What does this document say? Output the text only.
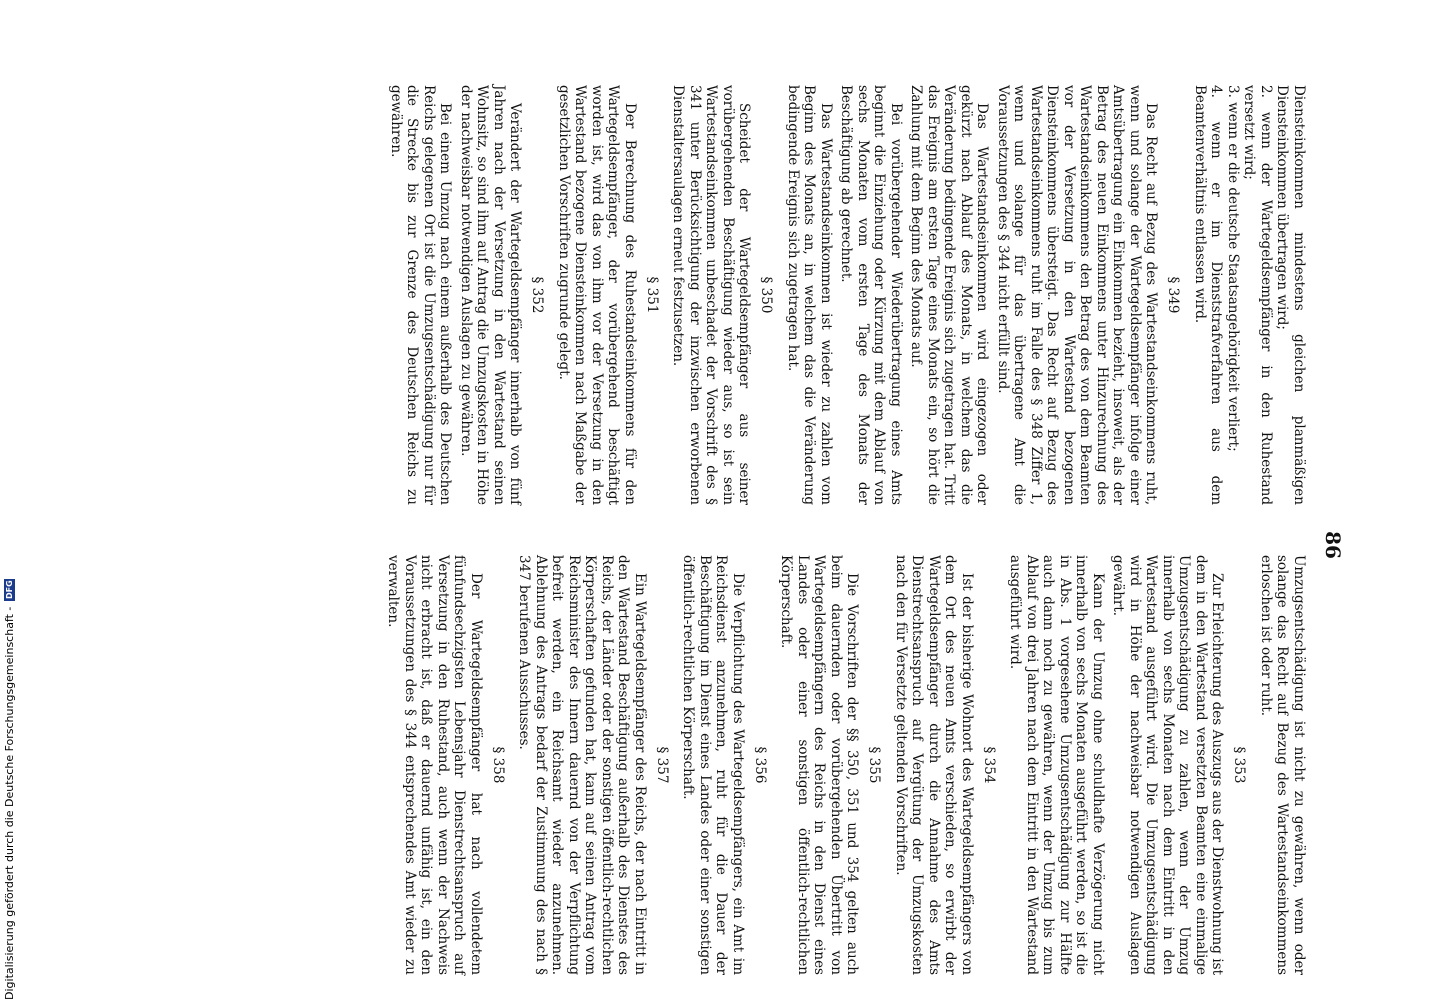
86
Diensteinkommen mindestens gleichen planmäßigen Diensteinkommen übertragen wird;
2. wenn der Wartegeldsempfänger in den Ruhestand versetzt wird;
3. wenn er die deutsche Staatsangehörigkeit verliert;
4. wenn er im Dienststrafverfahren aus dem Beamtenverhältnis entlassen wird.
§ 349

Das Recht auf Bezug des Wartestandseinkommens ruht, wenn und solange der Wartegeldsempfänger infolge einer Amtsübertragung ein Einkommen bezieht, insoweit, als der Betrag des neuen Einkommens unter Hinzurechnung des Wartestandseinkommens den Betrag des von dem Beamten vor der Versetzung in den Wartestand bezogenen Diensteinkommens übersteigt. Das Recht auf Bezug des Wartestandseinkommens ruht im Falle des § 348 Ziffer 1, wenn und solange für das übertragene Amt die Voraussetzungen des § 344 nicht erfüllt sind.

Das Wartestandseinkommen wird eingezogen oder gekürzt nach Ablauf des Monats, in welchem das die Veränderung bedingende Ereignis sich zugetragen hat. Tritt das Ereignis am ersten Tage eines Monats ein, so hört die Zahlung mit dem Beginn des Monats auf.

Bei vorübergehender Wiederübertragung eines Amts beginnt die Einziehung oder Kürzung mit dem Ablauf von sechs Monaten vom ersten Tage des Monats der Beschäftigung ab gerechnet.

Das Wartestandseinkommen ist wieder zu zahlen vom Beginn des Monats an, in welchem das die Veränderung bedingende Ereignis sich zugetragen hat.

§ 350

Scheidet der Wartegeldsempfänger aus seiner vorübergehenden Beschäftigung wieder aus, so ist sein Wartestandseinkommen unbeschadet der Vorschrift des § 341 unter Berücksichtigung der inzwischen erworbenen Dienstaltersaulagen erneut festzusetzen.

§ 351

Der Berechnung des Ruhestandseinkommens für den Wartegeldsempfänger, der vorübergehend beschäftigt worden ist, wird das von ihm vor der Versetzung in den Wartestand bezogene Diensteinkommen nach Maßgabe der gesetzlichen Vorschriften zugrunde gelegt.

§ 352

Verändert der Wartegeldsempfänger innerhalb von fünf Jahren nach der Versetzung in den Wartestand seinen Wohnsitz, so sind ihm auf Antrag die Umzugskosten in Höhe der nachweisbar notwendigen Auslagen zu gewähren.

Bei einem Umzug nach einem außerhalb des Deutschen Reichs gelegenen Ort ist die Umzugsentschädigung nur für die Strecke bis zur Grenze des Deutschen Reichs zu gewähren.

Umzugsentschädigung ist nicht zu gewähren, wenn oder solange das Recht auf Bezug des Wartestandseinkommens erloschen ist oder ruht.

§ 353

Zur Erleichterung des Auszugs aus der Dienstwohnung ist dem in den Wartestand versetzten Beamten eine einmalige Umzugsentschädigung zu zahlen, wenn der Umzug innerhalb von sechs Monaten nach dem Eintritt in den Wartestand ausgeführt wird. Die Umzugsentschädigung wird in Höhe der nachweisbar notwendigen Auslagen gewährt.

Kann der Umzug ohne schuldhafte Verzögerung nicht innerhalb von sechs Monaten ausgeführt werden, so ist die in Abs. 1 vorgesehene Umzugsentschädigung zur Hälfte auch dann noch zu gewähren, wenn der Umzug bis zum Ablauf von drei Jahren nach dem Eintritt in den Wartestand ausgeführt wird.

§ 354

Ist der bisherige Wohnort des Wartegeldsempfängers von dem Ort des neuen Amts verschieden, so erwirbt der Wartegeldsempfänger durch die Annahme des Amts Dienstrechtsanspruch auf Vergütung der Umzugskosten nach den für Versetzte geltenden Vorschriften.

§ 355

Die Vorschriften der §§ 350, 351 und 354 gelten auch beim dauernden oder vorübergehenden Übertritt von Wartegeldsempfängern des Reichs in den Dienst eines Landes oder einer sonstigen öffentlich-rechtlichen Körperschaft.

§ 356

Die Verpflichtung des Wartegeldsempfängers, ein Amt im Reichsdienst anzunehmen, ruht für die Dauer der Beschäftigung im Dienst eines Landes oder einer sonstigen öffentlich-rechtlichen Körperschaft.

§ 357

Ein Wartegeldsempfänger des Reichs, der nach Eintritt in den Wartestand Beschäftigung außerhalb des Dienstes des Reichs, der Länder oder der sonstigen öffentlich-rechtlichen Körperschaften gefunden hat, kann auf seinen Antrag vom Reichsminister des Innern dauernd von der Verpflichtung befreit werden, ein Reichsamt wieder anzunehmen. Ablehnung des Antrags bedarf der Zustimmung des nach § 347 berufenen Ausschusses.

§ 358

Der Wartegeldsempfänger hat nach vollendetem fünfundsechzigsten Lebensjahr Dienstrechtsanspruch auf Versetzung in den Ruhestand, auch wenn der Nachweis nicht erbracht ist, daß er dauernd unfähig ist, ein den Voraussetzungen des § 344 entsprechendes Amt wieder zu verwalten.

Digitalisierung gefördert durch die Deutsche Forschungsgemeinschaft -
DFG
